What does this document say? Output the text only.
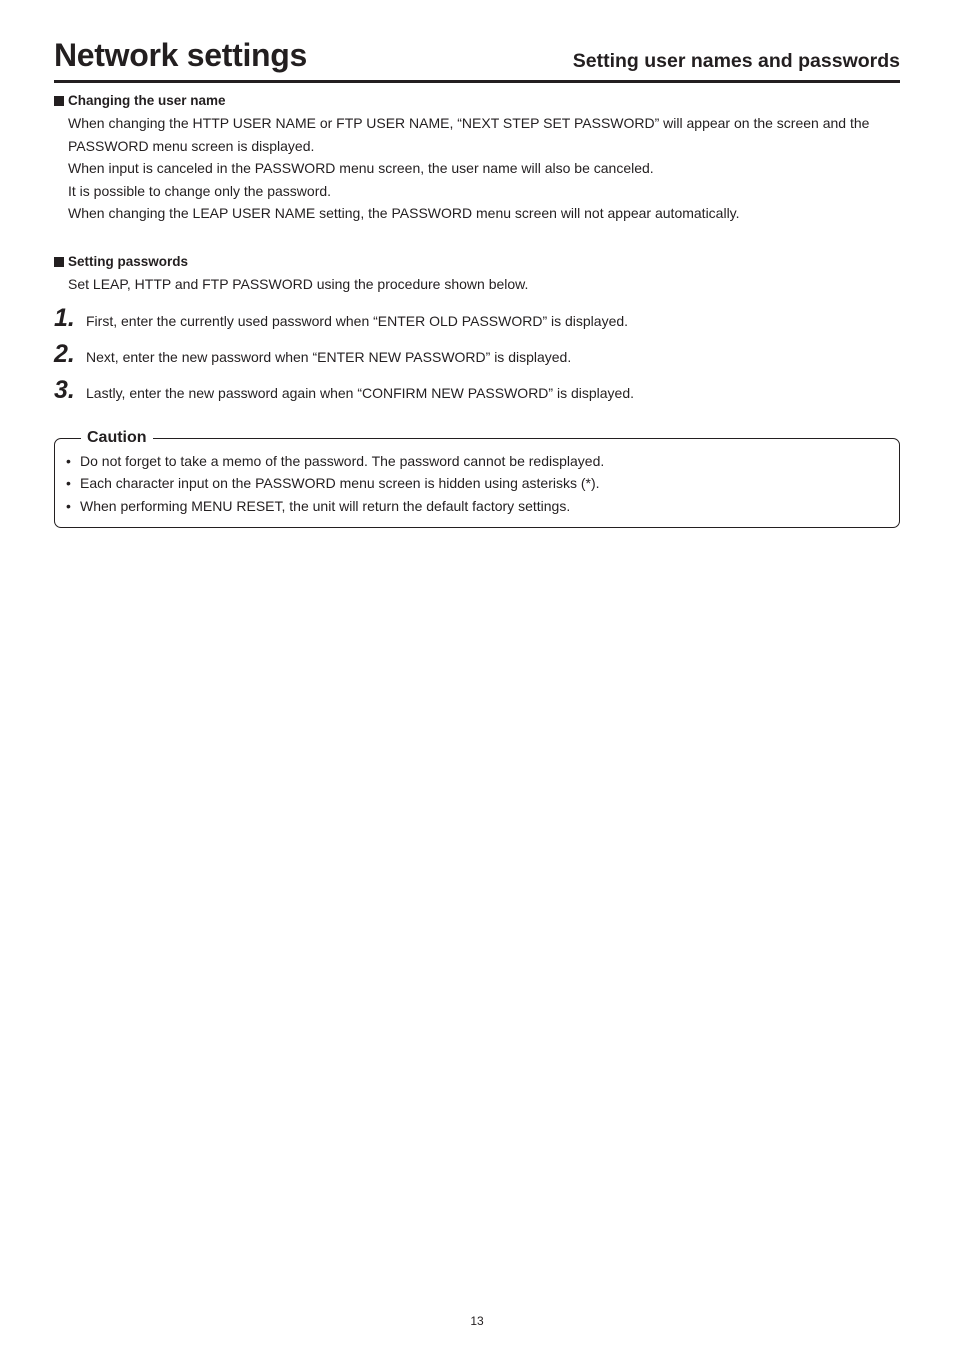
Network settings	Setting user names and passwords
Changing the user name

When changing the HTTP USER NAME or FTP USER NAME, “NEXT STEP SET PASSWORD” will appear on the screen and the PASSWORD menu screen is displayed.

When input is canceled in the PASSWORD menu screen, the user name will also be canceled.

It is possible to change only the password.

When changing the LEAP USER NAME setting, the PASSWORD menu screen will not appear automatically.

Setting passwords

Set LEAP, HTTP and FTP PASSWORD using the procedure shown below.

1. First, enter the currently used password when “ENTER OLD PASSWORD” is displayed.
2. Next, enter the new password when “ENTER NEW PASSWORD” is displayed.
3. Lastly, enter the new password again when “CONFIRM NEW PASSWORD” is displayed.
Caution
• Do not forget to take a memo of the password. The password cannot be redisplayed.
• Each character input on the PASSWORD menu screen is hidden using asterisks (*).
• When performing MENU RESET, the unit will return the default factory settings.
13
